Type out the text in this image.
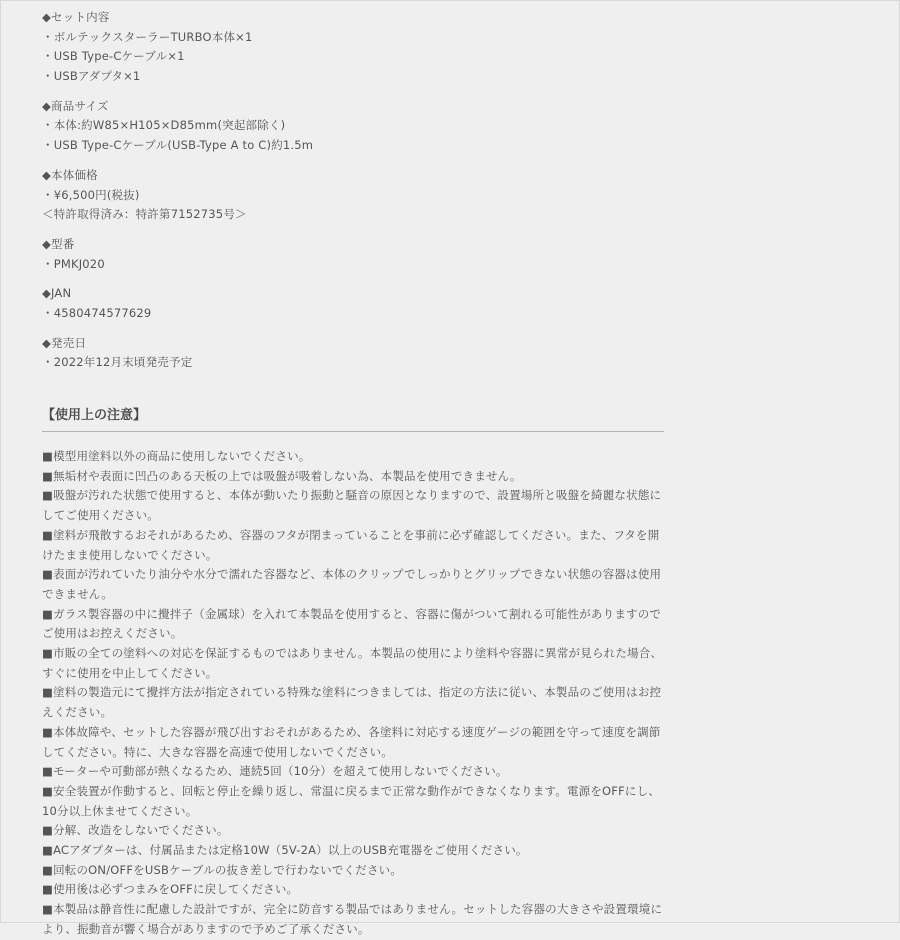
◆セット内容
・ボルテックスターラーTURBO本体×1
・USB Type-Cケーブル×1
・USBアダプタ×1
◆商品サイズ
・本体:約W85×H105×D85mm(突起部除く)
・USB Type-Cケーブル(USB-Type A to C)約1.5m
◆本体価格
・¥6,500円(税抜)
＜特許取得済み：特許第7152735号＞
◆型番
・PMKJ020
◆JAN
・4580474577629
◆発売日
・2022年12月末頃発売予定
【使用上の注意】
■模型用塗料以外の商品に使用しないでください。
■無垢材や表面に凹凸のある天板の上では吸盤が吸着しない為、本製品を使用できません。
■吸盤が汚れた状態で使用すると、本体が動いたり振動と騒音の原因となりますので、設置場所と吸盤を綺麗な状態にしてご使用ください。
■塗料が飛散するおそれがあるため、容器のフタが閉まっていることを事前に必ず確認してください。また、フタを開けたまま使用しないでください。
■表面が汚れていたり油分や水分で濡れた容器など、本体のクリップでしっかりとグリップできない状態の容器は使用できません。
■ガラス製容器の中に攪拌子（金属球）を入れて本製品を使用すると、容器に傷がついて割れる可能性がありますのでご使用はお控えください。
■市販の全ての塗料への対応を保証するものではありません。本製品の使用により塗料や容器に異常が見られた場合、すぐに使用を中止してください。
■塗料の製造元にて攪拌方法が指定されている特殊な塗料につきましては、指定の方法に従い、本製品のご使用はお控えください。
■本体故障や、セットした容器が飛び出すおそれがあるため、各塗料に対応する速度ゲージの範囲を守って速度を調節してください。特に、大きな容器を高速で使用しないでください。
■モーターや可動部が熱くなるため、連続5回（10分）を超えて使用しないでください。
■安全装置が作動すると、回転と停止を繰り返し、常温に戻るまで正常な動作ができなくなります。電源をOFFにし、10分以上休ませてください。
■分解、改造をしないでください。
■ACアダプターは、付属品または定格10W（5V-2A）以上のUSB充電器をご使用ください。
■回転のON/OFFをUSBケーブルの抜き差しで行わないでください。
■使用後は必ずつまみをOFFに戻してください。
■本製品は静音性に配慮した設計ですが、完全に防音する製品ではありません。セットした容器の大きさや設置環境により、振動音が響く場合がありますので予めご了承ください。
